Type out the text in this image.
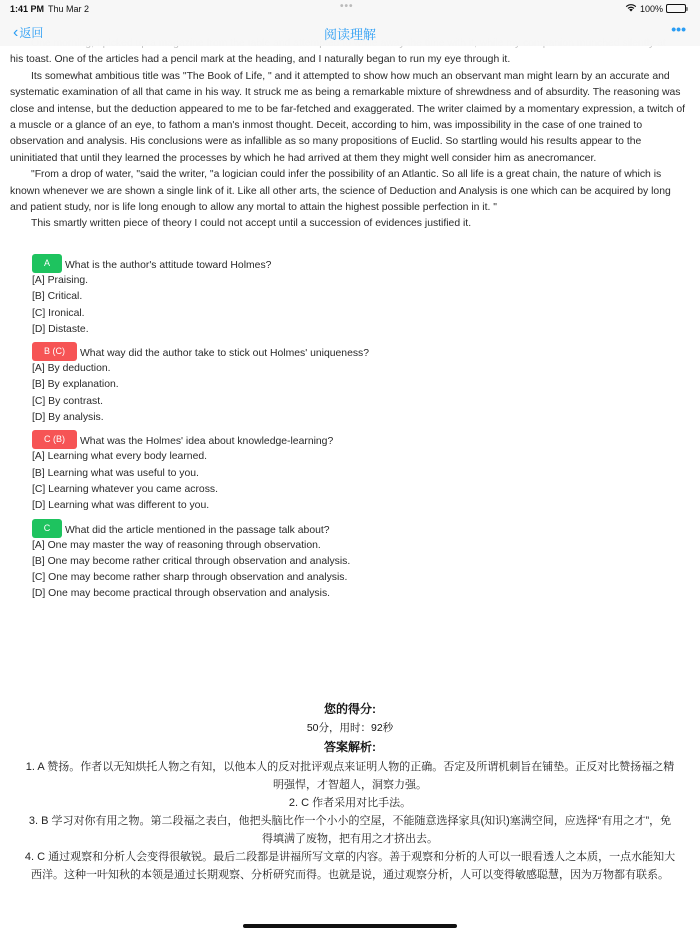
1:41 PM Thu Mar 2	•••	100%
‹ 返回	阅读理解	•••

his toast. One of the articles had a pencil mark at the heading, and I naturally began to run my eye through it.

Its somewhat ambitious title was "The Book of Life, " and it attempted to show how much an observant man might learn by an accurate and systematic examination of all that came in his way. It struck me as being a remarkable mixture of shrewdness and of absurdity. The reasoning was close and intense, but the deduction appeared to me to be far-fetched and exaggerated. The writer claimed by a momentary expression, a twitch of a muscle or a glance of an eye, to fathom a man's inmost thought. Deceit, according to him, was impossibility in the case of one trained to observation and analysis. His conclusions were as infallible as so many propositions of Euclid. So startling would his results appear to the uninitiated that until they learned the processes by which he had arrived at them they might well consider him as anecromancer.

"From a drop of water, "said the writer, "a logician could infer the possibility of an Atlantic. So all life is a great chain, the nature of which is known whenever we are shown a single link of it. Like all other arts, the science of Deduction and Analysis is one which can be acquired by long and patient study, nor is life long enough to allow any mortal to attain the highest possible perfection in it. "

This smartly written piece of theory I could not accept until a succession of evidences justified it.

A	What is the author's attitude toward Holmes?
[A] Praising.
[B] Critical.
[C] Ironical.
[D] Distaste.
B (C)	What way did the author take to stick out Holmes' uniqueness?
[A] By deduction.
[B] By explanation.
[C] By contrast.
[D] By analysis.
C (B)	What was the Holmes' idea about knowledge-learning?
[A] Learning what every body learned.
[B] Learning what was useful to you.
[C] Learning whatever you came across.
[D] Learning what was different to you.
C	What did the article mentioned in the passage talk about?
[A] One may master the way of reasoning through observation.
[B] One may become rather critical through observation and analysis.
[C] One may become rather sharp through observation and analysis.
[D] One may become practical through observation and analysis.
您的得分:
50分，用时：92秒
答案解析:
1. A 赞扬。作者以无知烘托人物之有知，以他本人的反对批评观点来证明人物的正确。否定及所谓机刺旨在铺垫。正反对比赞扬福之精明强悍，才智超人，洞察力强。
2. C 作者采用对比手法。
3. B 学习对你有用之物。第二段福之表白，他把头脑比作一个小小的空屋，不能随意选择家具(知识)塞满空间，应选择“有用之才”，免得填满了废物，把有用之才挤出去。
4. C 通过观察和分析人会变得很敏锐。最后二段都是讲福所写文章的内容。善于观察和分析的人可以一眼看透人之本质，一点水能知大西洋。这种一叶知秋的本领是通过长期观察、分析研究而得。也就是说，通过观察分析，人可以变得敏感聪慧，因为万物都有联系。
